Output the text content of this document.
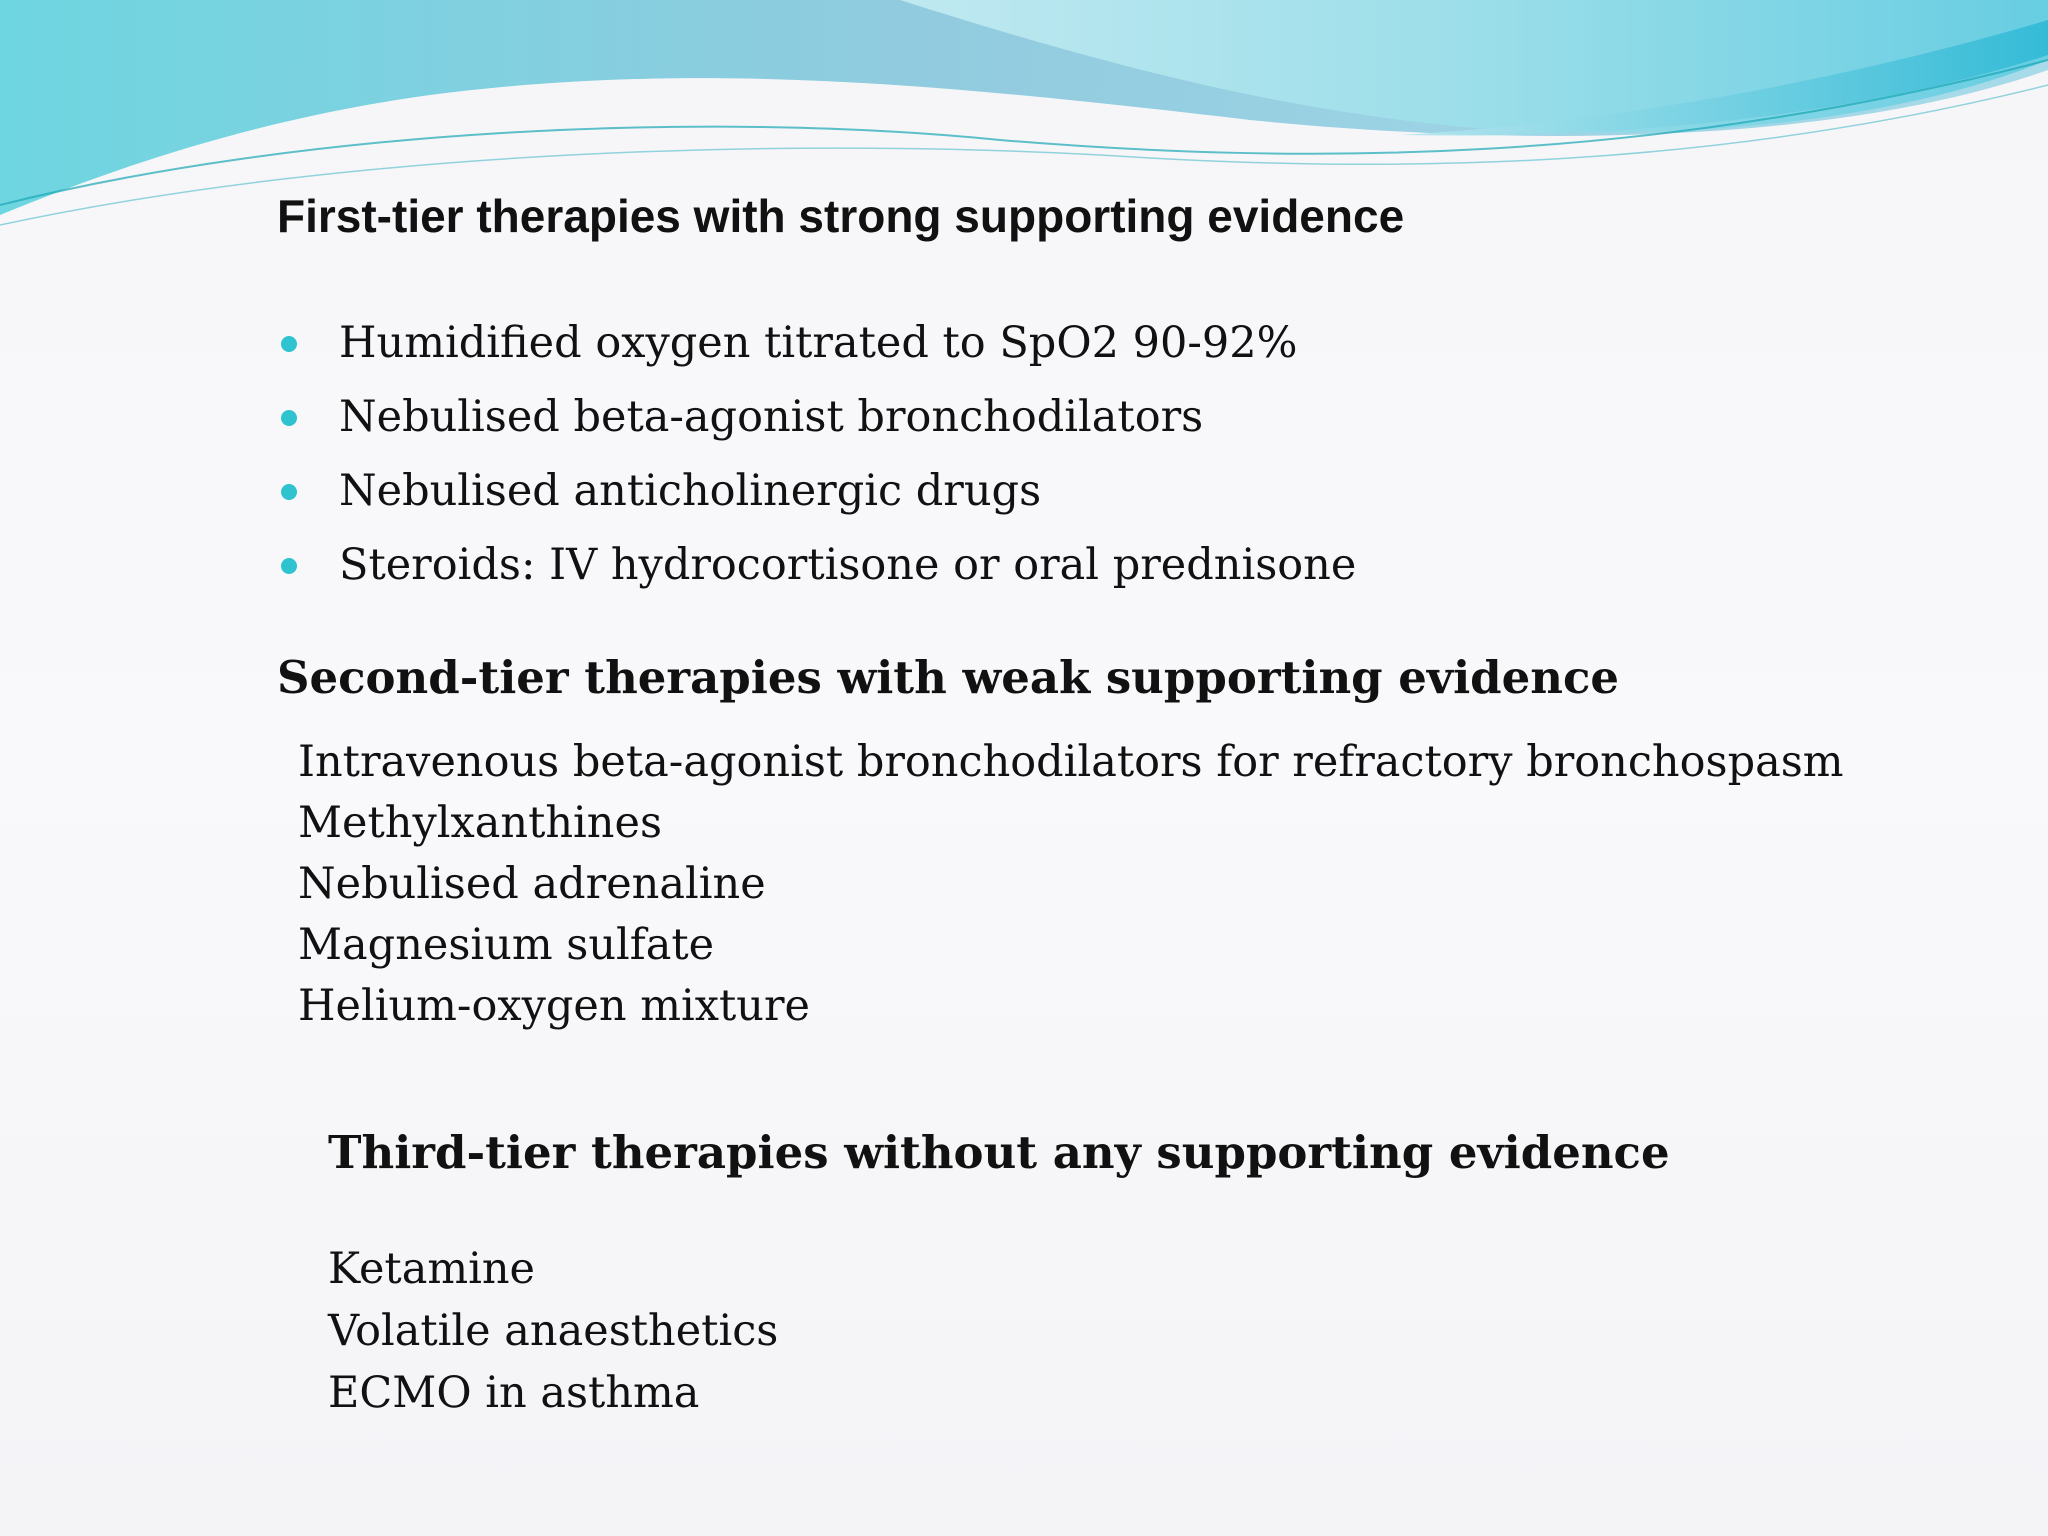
First-tier therapies with strong supporting evidence
Humidified oxygen titrated to SpO2 90-92%
Nebulised beta-agonist bronchodilators
Nebulised anticholinergic drugs
Steroids: IV hydrocortisone or oral prednisone
Second-tier therapies with weak supporting evidence
Intravenous beta-agonist bronchodilators for refractory bronchospasm
Methylxanthines
Nebulised adrenaline
Magnesium sulfate
Helium-oxygen mixture
Third-tier therapies without any supporting evidence
Ketamine
Volatile anaesthetics
ECMO in asthma
